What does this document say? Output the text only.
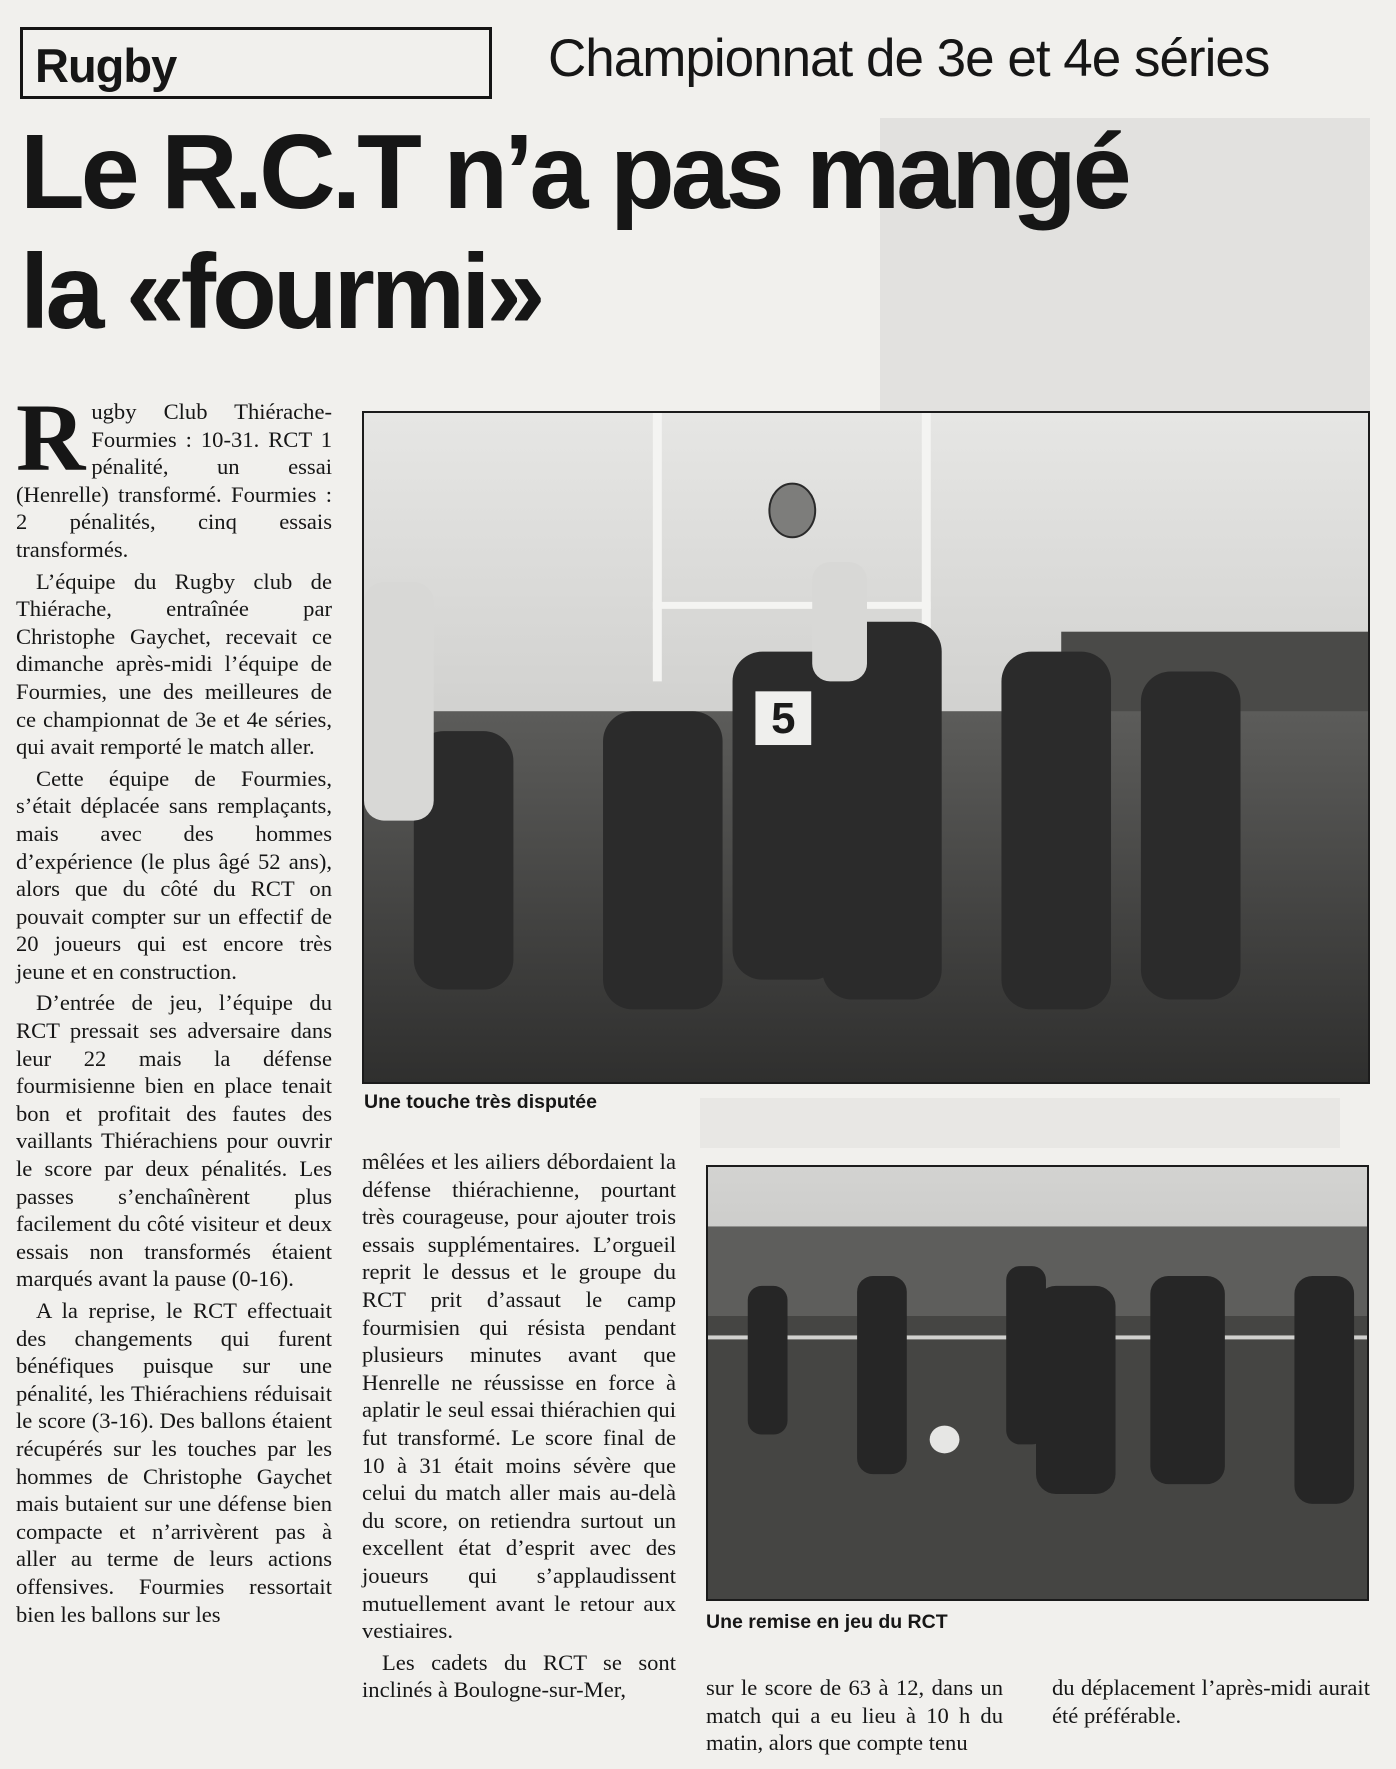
Rugby	Championnat de 3e et 4e séries
Le R.C.T n’a pas mangé
la «fourmi»

Rugby Club Thiérache-Fourmies : 10-31. RCT 1 pénalité, un essai (Henrelle) transformé. Fourmies : 2 pénalités, cinq essais transformés.

L’équipe du Rugby club de Thiérache, entraînée par Christophe Gaychet, recevait ce dimanche après-midi l’équipe de Fourmies, une des meilleures de ce championnat de 3e et 4e séries, qui avait remporté le match aller.

Cette équipe de Fourmies, s’était déplacée sans remplaçants, mais avec des hommes d’expérience (le plus âgé 52 ans), alors que du côté du RCT on pouvait compter sur un effectif de 20 joueurs qui est encore très jeune et en construction.

D’entrée de jeu, l’équipe du RCT pressait ses adversaire dans leur 22 mais la défense fourmisienne bien en place tenait bon et profitait des fautes des vaillants Thiérachiens pour ouvrir le score par deux pénalités. Les passes s’enchaînèrent plus facilement du côté visiteur et deux essais non transformés étaient marqués avant la pause (0-16).

A la reprise, le RCT effectuait des changements qui furent bénéfiques puisque sur une pénalité, les Thiérachiens réduisait le score (3-16). Des ballons étaient récupérés sur les touches par les hommes de Christophe Gaychet mais butaient sur une défense bien compacte et n’arrivèrent pas à aller au terme de leurs actions offensives. Fourmies ressortait bien les ballons sur les

5
Une touche très disputée

mêlées et les ailiers débordaient la défense thiérachienne, pourtant très courageuse, pour ajouter trois essais supplémentaires. L’orgueil reprit le dessus et le groupe du RCT prit d’assaut le camp fourmisien qui résista pendant plusieurs minutes avant que Henrelle ne réussisse en force à aplatir le seul essai thiérachien qui fut transformé. Le score final de 10 à 31 était moins sévère que celui du match aller mais au-delà du score, on retiendra surtout un excellent état d’esprit avec des joueurs qui s’applaudissent mutuellement avant le retour aux vestiaires.

Les cadets du RCT se sont inclinés à Boulogne-sur-Mer,

Une remise en jeu du RCT

sur le score de 63 à 12, dans un match qui a eu lieu à 10 h du matin, alors que compte tenu

du déplacement l’après-midi aurait été préférable.
